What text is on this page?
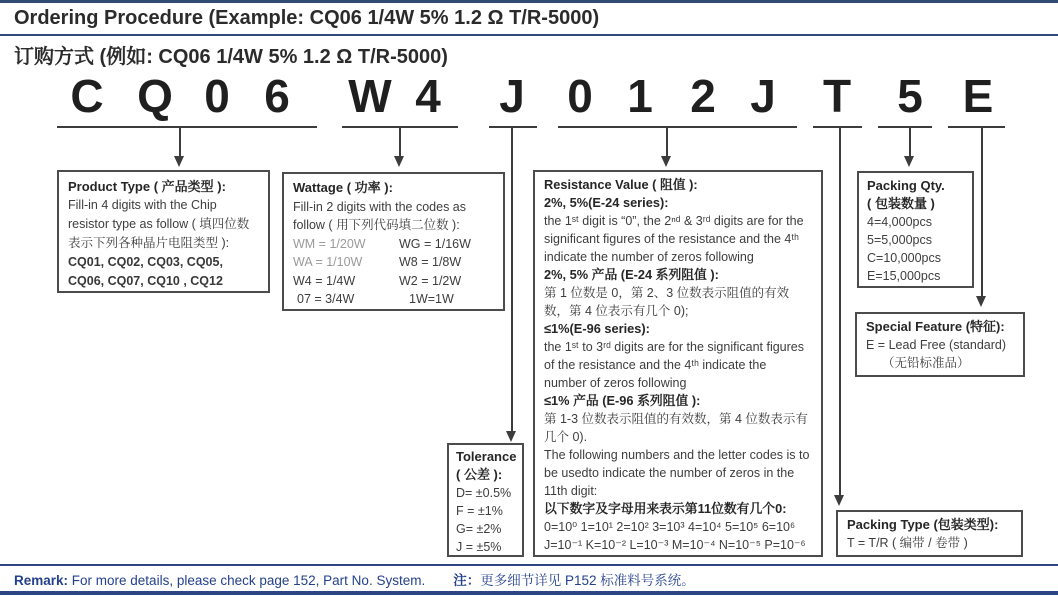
Ordering Procedure (Example: CQ06 1/4W 5% 1.2 Ω T/R-5000)
订购方式 (例如: CQ06 1/4W 5% 1.2 Ω T/R-5000)
C Q 0 6 W 4 J 0 1 2 J T 5 E
Product Type ( 产品类型 ):
Fill-in 4 digits with the Chip resistor type as follow ( 填四位数表示下列各种晶片电阻类型 ):
CQ01, CQ02, CQ03, CQ05,
CQ06, CQ07, CQ10 , CQ12
Wattage ( 功率 ):
Fill-in 2 digits with the codes as follow ( 用下列代码填二位数 ):
WM = 1/20W	WG = 1/16W
WA = 1/10W	W8 = 1/8W
W4 = 1/4W	W2 = 1/2W
07 = 3/4W	1W=1W
Tolerance
( 公差 ):
D= ±0.5%
F = ±1%
G= ±2%
J = ±5%
Resistance Value ( 阻值 ):
2%, 5%(E-24 series):
the 1ˢᵗ digit is “0”, the 2ⁿᵈ & 3ʳᵈ digits are for the significant figures of the resistance and the 4ᵗʰ indicate the number of zeros following
2%, 5% 产品 (E-24 系列阻值 ):
第 1 位数是 0，第 2、3 位数表示阻值的有效数，第 4 位表示有几个 0);
≤1%(E-96 series):
the 1ˢᵗ to 3ʳᵈ digits are for the significant figures of the resistance and the 4ᵗʰ indicate the number of zeros following
≤1% 产品 (E-96 系列阻值 ):
第 1-3 位数表示阻值的有效数，第 4 位数表示有几个 0).
The following numbers and the letter codes is to be usedto indicate the number of zeros in the 11th digit:
以下数字及字母用来表示第11位数有几个0:
0=10⁰ 1=10¹ 2=10² 3=10³ 4=10⁴ 5=10⁵ 6=10⁶
J=10⁻¹ K=10⁻² L=10⁻³ M=10⁻⁴ N=10⁻⁵ P=10⁻⁶
Packing Qty.
( 包装数量 )
4=4,000pcs
5=5,000pcs
C=10,000pcs
E=15,000pcs
Special Feature (特征):
E = Lead Free (standard)
（无铅标准品）
Packing Type (包装类型):
T = T/R ( 编带 / 卷带 )
Remark: For more details, please check page 152, Part No. System. 注：更多细节详见 P152 标准料号系统。
